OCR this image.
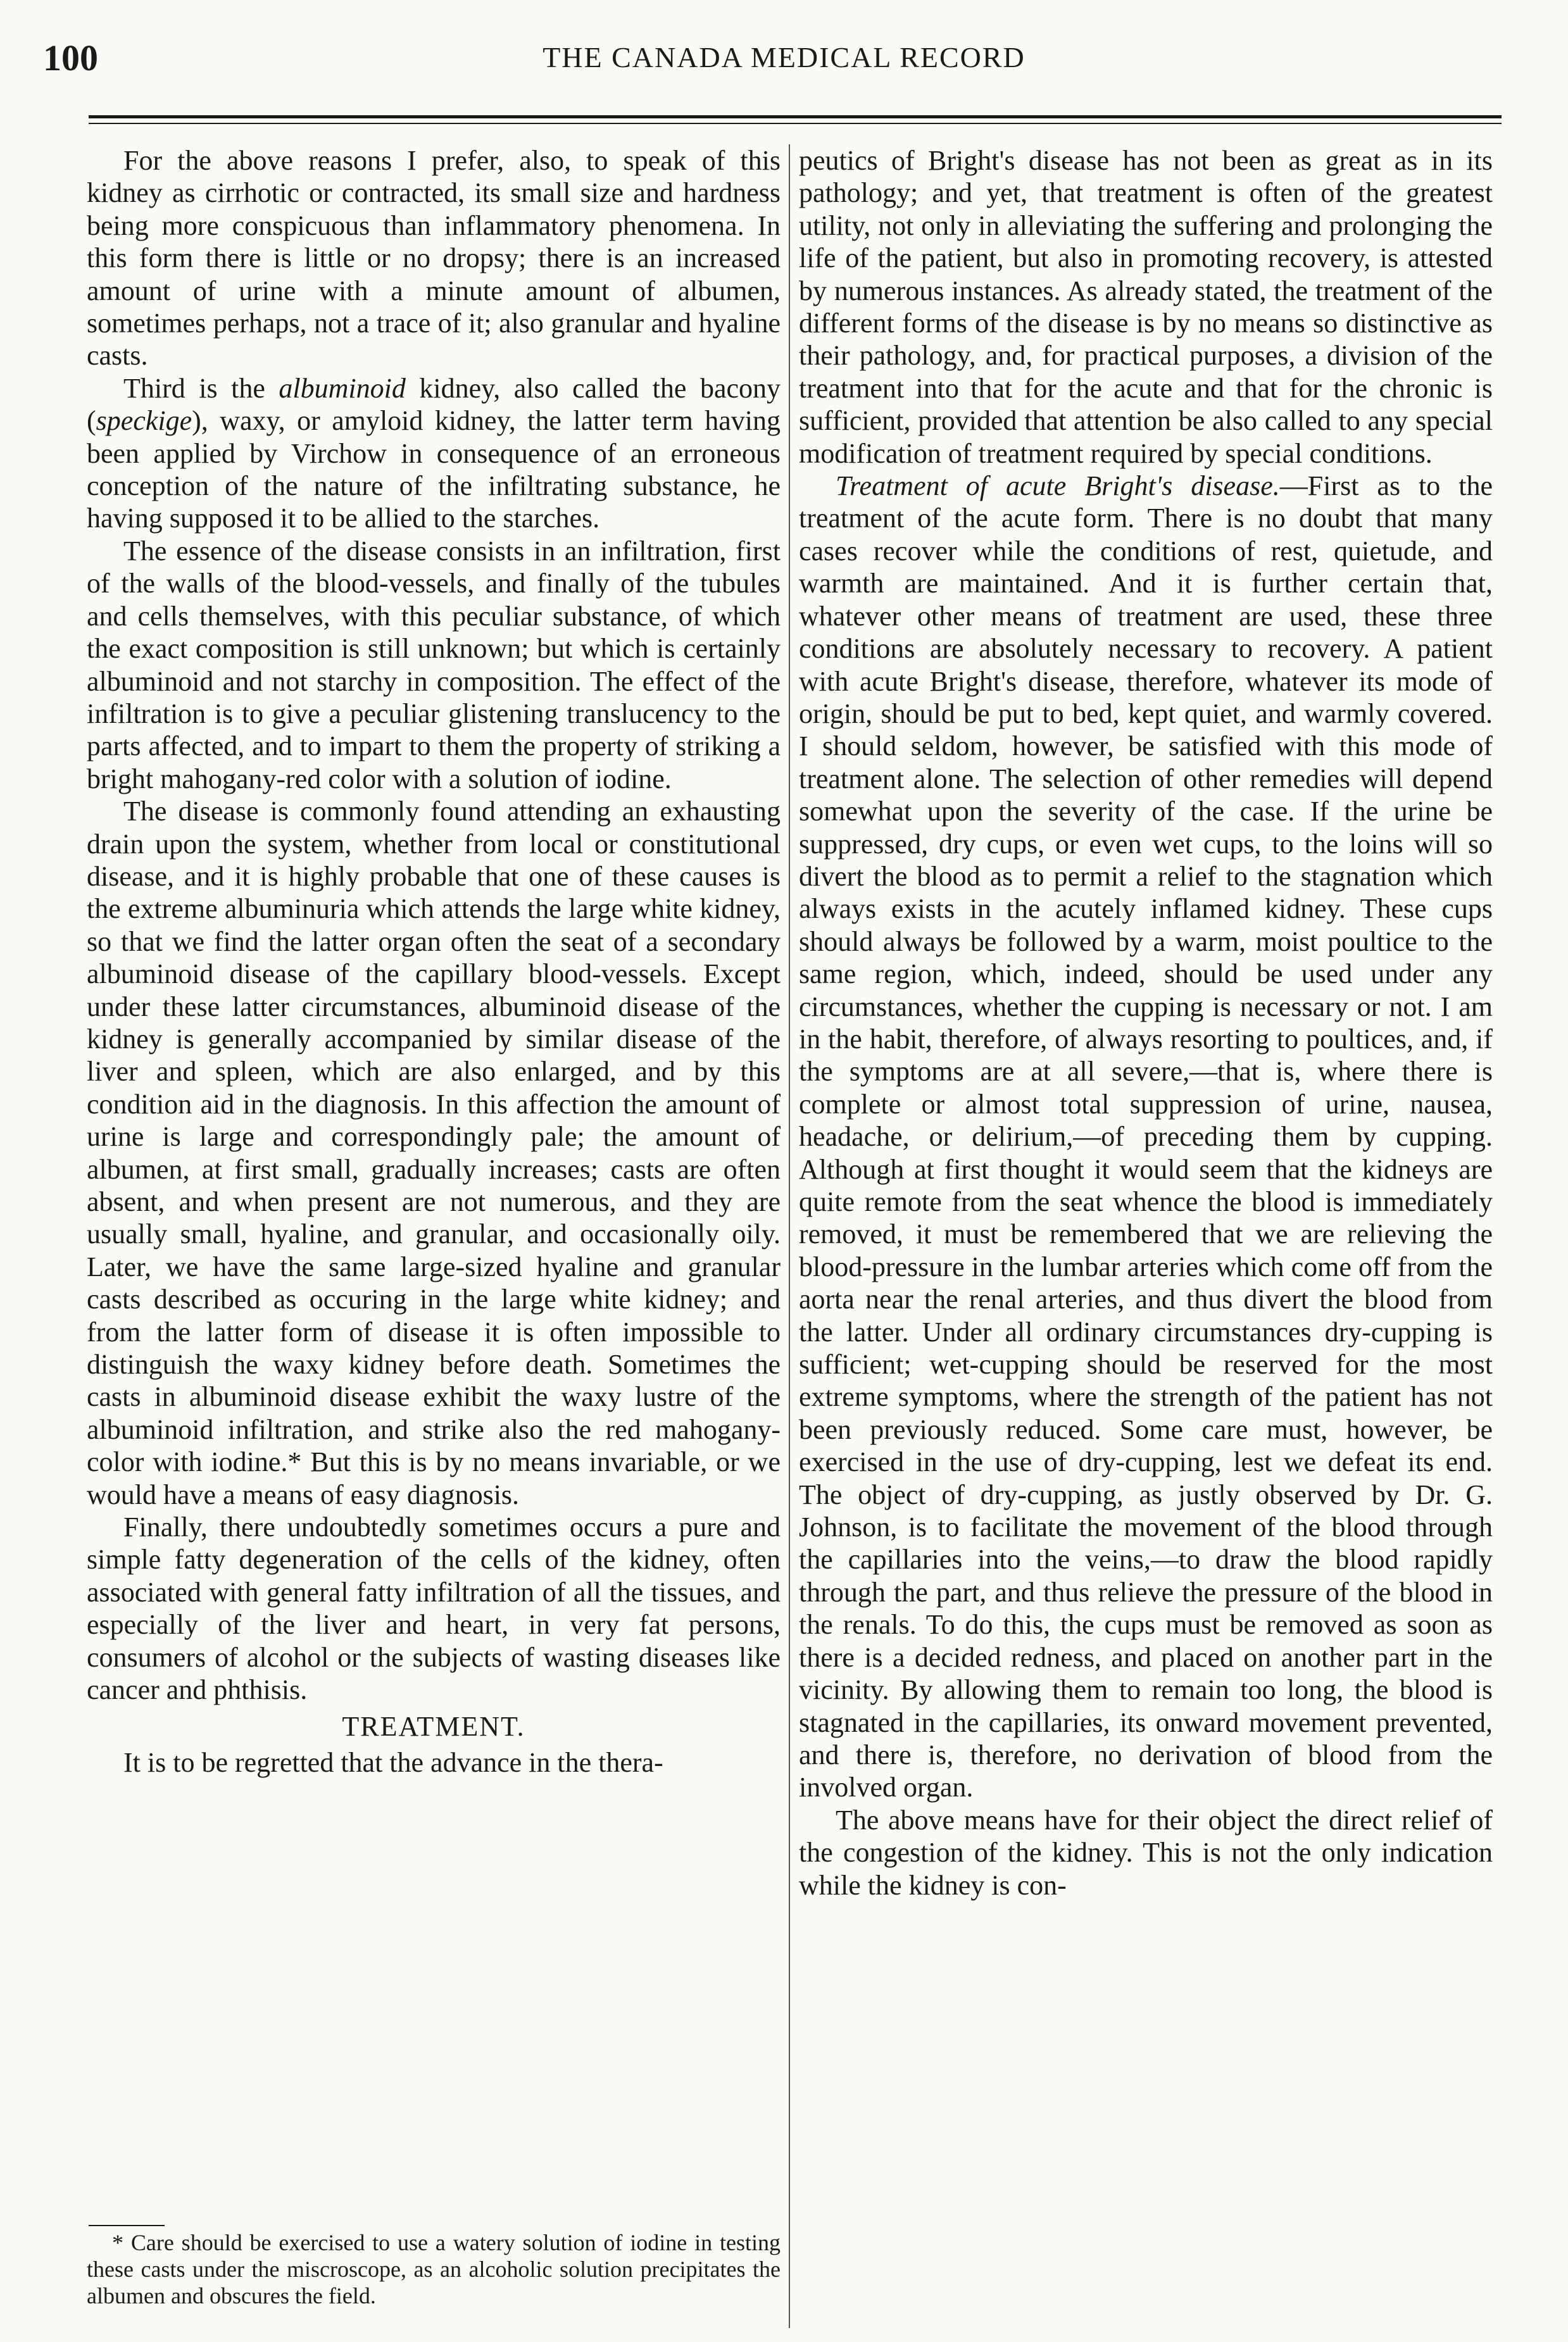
100	THE CANADA MEDICAL RECORD

For the above reasons I prefer, also, to speak of this kidney as cirrhotic or contracted, its small size and hardness being more conspicuous than inflammatory phenomena. In this form there is little or no dropsy; there is an increased amount of urine with a minute amount of albumen, sometimes perhaps, not a trace of it; also granular and hyaline casts.

Third is the albuminoid kidney, also called the bacony (speckige), waxy, or amyloid kidney, the latter term having been applied by Virchow in consequence of an erroneous conception of the nature of the infiltrating substance, he having supposed it to be allied to the starches.

The essence of the disease consists in an infiltration, first of the walls of the blood-vessels, and finally of the tubules and cells themselves, with this peculiar substance, of which the exact composition is still unknown; but which is certainly albuminoid and not starchy in composition. The effect of the infiltration is to give a peculiar glistening translucency to the parts affected, and to impart to them the property of striking a bright mahogany-red color with a solution of iodine.

The disease is commonly found attending an exhausting drain upon the system, whether from local or constitutional disease, and it is highly probable that one of these causes is the extreme albuminuria which attends the large white kidney, so that we find the latter organ often the seat of a secondary albuminoid disease of the capillary blood-vessels. Except under these latter circumstances, albuminoid disease of the kidney is generally accompanied by similar disease of the liver and spleen, which are also enlarged, and by this condition aid in the diagnosis. In this affection the amount of urine is large and correspondingly pale; the amount of albumen, at first small, gradually increases; casts are often absent, and when present are not numerous, and they are usually small, hyaline, and granular, and occasionally oily. Later, we have the same large-sized hyaline and granular casts described as occuring in the large white kidney; and from the latter form of disease it is often impossible to distinguish the waxy kidney before death. Sometimes the casts in albuminoid disease exhibit the waxy lustre of the albuminoid infiltration, and strike also the red mahogany-color with iodine.* But this is by no means invariable, or we would have a means of easy diagnosis.

Finally, there undoubtedly sometimes occurs a pure and simple fatty degeneration of the cells of the kidney, often associated with general fatty infiltration of all the tissues, and especially of the liver and heart, in very fat persons, consumers of alcohol or the subjects of wasting diseases like cancer and phthisis.

TREATMENT.

It is to be regretted that the advance in the thera-

* Care should be exercised to use a watery solution of iodine in testing these casts under the miscroscope, as an alcoholic solution precipitates the albumen and obscures the field.

peutics of Bright's disease has not been as great as in its pathology; and yet, that treatment is often of the greatest utility, not only in alleviating the suffering and prolonging the life of the patient, but also in promoting recovery, is attested by numerous instances. As already stated, the treatment of the different forms of the disease is by no means so distinctive as their pathology, and, for practical purposes, a division of the treatment into that for the acute and that for the chronic is sufficient, provided that attention be also called to any special modification of treatment required by special conditions.

Treatment of acute Bright's disease.—First as to the treatment of the acute form. There is no doubt that many cases recover while the conditions of rest, quietude, and warmth are maintained. And it is further certain that, whatever other means of treatment are used, these three conditions are absolutely necessary to recovery. A patient with acute Bright's disease, therefore, whatever its mode of origin, should be put to bed, kept quiet, and warmly covered. I should seldom, however, be satisfied with this mode of treatment alone. The selection of other remedies will depend somewhat upon the severity of the case. If the urine be suppressed, dry cups, or even wet cups, to the loins will so divert the blood as to permit a relief to the stagnation which always exists in the acutely inflamed kidney. These cups should always be followed by a warm, moist poultice to the same region, which, indeed, should be used under any circumstances, whether the cupping is necessary or not. I am in the habit, therefore, of always resorting to poultices, and, if the symptoms are at all severe,—that is, where there is complete or almost total suppression of urine, nausea, headache, or delirium,—of preceding them by cupping. Although at first thought it would seem that the kidneys are quite remote from the seat whence the blood is immediately removed, it must be remembered that we are relieving the blood-pressure in the lumbar arteries which come off from the aorta near the renal arteries, and thus divert the blood from the latter. Under all ordinary circumstances dry-cupping is sufficient; wet-cupping should be reserved for the most extreme symptoms, where the strength of the patient has not been previously reduced. Some care must, however, be exercised in the use of dry-cupping, lest we defeat its end. The object of dry-cupping, as justly observed by Dr. G. Johnson, is to facilitate the movement of the blood through the capillaries into the veins,—to draw the blood rapidly through the part, and thus relieve the pressure of the blood in the renals. To do this, the cups must be removed as soon as there is a decided redness, and placed on another part in the vicinity. By allowing them to remain too long, the blood is stagnated in the capillaries, its onward movement prevented, and there is, therefore, no derivation of blood from the involved organ.

The above means have for their object the direct relief of the congestion of the kidney. This is not the only indication while the kidney is con-
